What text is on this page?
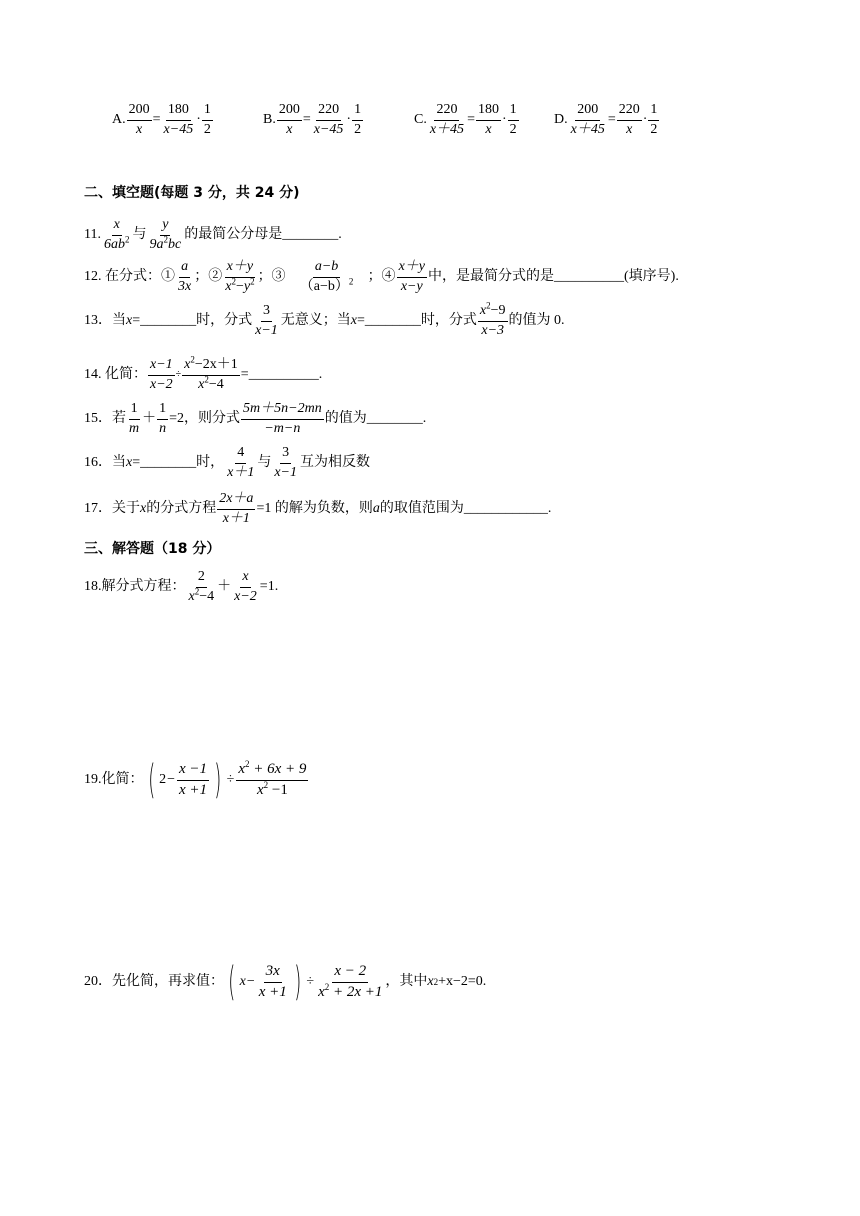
A. $\frac{200}{x} = \frac{180}{x-45} \cdot \frac{1}{2}$	B. $\frac{200}{x} = \frac{220}{x-45} \cdot \frac{1}{2}$	C. $\frac{220}{x+45} = \frac{180}{x} \cdot \frac{1}{2}$	D. $\frac{200}{x+45} = \frac{220}{x} \cdot \frac{1}{2}$
二、填空题(每题 3 分，共 24 分)
11. $\frac{x}{6ab^2}$ 与 $\frac{y}{9a^2bc}$ 的最简公分母是________.
12. 在分式：① $\frac{a}{3x}$ ；② $\frac{x+y}{x^2-y^2}$ ；③ $\frac{a-b}{(a-b)^2}$ ；④ $\frac{x+y}{x-y}$ 中，是最简分式的是__________(填序号).
13．当 x =________时，分式 $\frac{3}{x-1}$ 无意义；当 x =________时，分式 $\frac{x^2-9}{x-3}$ 的值为 0.
14. 化简： $\frac{x-1}{x-2} \div \frac{x^2-2x+1}{x^2-4}$ =__________.
15．若 $\frac{1}{m} + \frac{1}{n} =2$，则分式 $\frac{5m+5n-2mn}{-m-n}$ 的值为________.
16．当 x =________时， $\frac{4}{x+1}$ 与 $\frac{3}{x-1}$ 互为相反数
17．关于 x 的分式方程 $\frac{2x+a}{x+1} =1$ 的解为负数，则 a 的取值范围为____________.
三、解答题（18 分）
18.解分式方程： $\frac{2}{x^2-4} + \frac{x}{x-2} =1$.
19.化简： ( $2 - \frac{x -1}{x +1}$ ) ÷ $\frac{x^2 + 6x + 9}{x^2 -1}$
20．先化简，再求值： ( $x - \frac{3x}{x +1}$ ) ÷ $\frac{x - 2}{x^2 + 2x +1}$ ，其中 x 2 +x−2=0.
